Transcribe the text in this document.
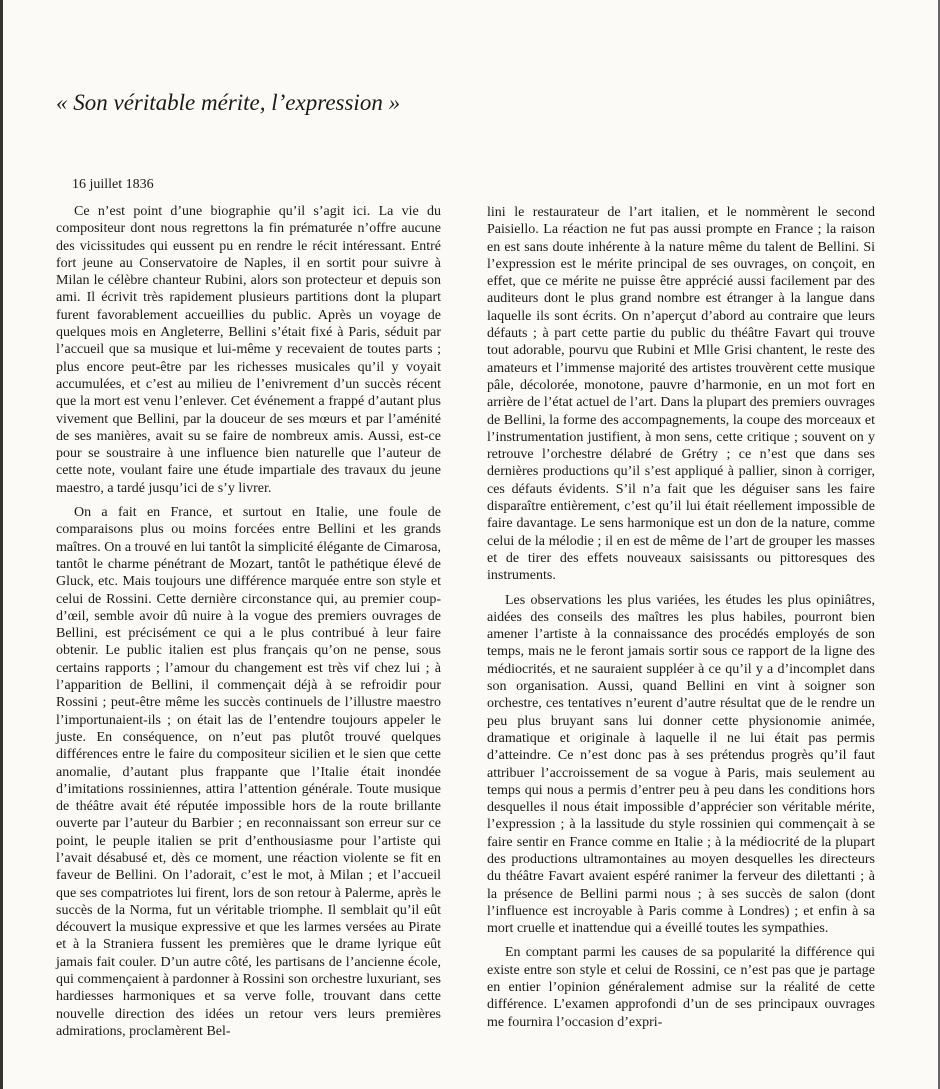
« Son véritable mérite, l’expression »
16 juillet 1836

Ce n’est point d’une biographie qu’il s’agit ici. La vie du compositeur dont nous regrettons la fin prématurée n’offre aucune des vicissitudes qui eussent pu en rendre le récit intéressant. Entré fort jeune au Conservatoire de Naples, il en sortit pour suivre à Milan le célèbre chanteur Rubini, alors son protecteur et depuis son ami. Il écrivit très rapidement plusieurs partitions dont la plupart furent favorablement accueillies du public. Après un voyage de quelques mois en Angleterre, Bellini s’était fixé à Paris, séduit par l’accueil que sa musique et lui-même y recevaient de toutes parts ; plus encore peut-être par les richesses musicales qu’il y voyait accumulées, et c’est au milieu de l’enivrement d’un succès récent que la mort est venu l’enlever. Cet événement a frappé d’autant plus vivement que Bellini, par la douceur de ses mœurs et par l’aménité de ses manières, avait su se faire de nombreux amis. Aussi, est-ce pour se soustraire à une influence bien naturelle que l’auteur de cette note, voulant faire une étude impartiale des travaux du jeune maestro, a tardé jusqu’ici de s’y livrer.

On a fait en France, et surtout en Italie, une foule de comparaisons plus ou moins forcées entre Bellini et les grands maîtres. On a trouvé en lui tantôt la simplicité élégante de Cimarosa, tantôt le charme pénétrant de Mozart, tantôt le pathétique élevé de Gluck, etc. Mais toujours une différence marquée entre son style et celui de Rossini. Cette dernière circonstance qui, au premier coup-d’œil, semble avoir dû nuire à la vogue des premiers ouvrages de Bellini, est précisément ce qui a le plus contribué à leur faire obtenir. Le public italien est plus français qu’on ne pense, sous certains rapports ; l’amour du changement est très vif chez lui ; à l’apparition de Bellini, il commençait déjà à se refroidir pour Rossini ; peut-être même les succès continuels de l’illustre maestro l’importunaient-ils ; on était las de l’entendre toujours appeler le juste. En conséquence, on n’eut pas plutôt trouvé quelques différences entre le faire du compositeur sicilien et le sien que cette anomalie, d’autant plus frappante que l’Italie était inondée d’imitations rossiniennes, attira l’attention générale. Toute musique de théâtre avait été réputée impossible hors de la route brillante ouverte par l’auteur du Barbier ; en reconnaissant son erreur sur ce point, le peuple italien se prit d’enthousiasme pour l’artiste qui l’avait désabusé et, dès ce moment, une réaction violente se fit en faveur de Bellini. On l’adorait, c’est le mot, à Milan ; et l’accueil que ses compatriotes lui firent, lors de son retour à Palerme, après le succès de la Norma, fut un véritable triomphe. Il semblait qu’il eût découvert la musique expressive et que les larmes versées au Pirate et à la Straniera fussent les premières que le drame lyrique eût jamais fait couler. D’un autre côté, les partisans de l’ancienne école, qui commençaient à pardonner à Rossini son orchestre luxuriant, ses hardiesses harmoniques et sa verve folle, trouvant dans cette nouvelle direction des idées un retour vers leurs premières admirations, proclamèrent Bel-

lini le restaurateur de l’art italien, et le nommèrent le second Paisiello. La réaction ne fut pas aussi prompte en France ; la raison en est sans doute inhérente à la nature même du talent de Bellini. Si l’expression est le mérite principal de ses ouvrages, on conçoit, en effet, que ce mérite ne puisse être apprécié aussi facilement par des auditeurs dont le plus grand nombre est étranger à la langue dans laquelle ils sont écrits. On n’aperçut d’abord au contraire que leurs défauts ; à part cette partie du public du théâtre Favart qui trouve tout adorable, pourvu que Rubini et Mlle Grisi chantent, le reste des amateurs et l’immense majorité des artistes trouvèrent cette musique pâle, décolorée, monotone, pauvre d’harmonie, en un mot fort en arrière de l’état actuel de l’art. Dans la plupart des premiers ouvrages de Bellini, la forme des accompagnements, la coupe des morceaux et l’instrumentation justifient, à mon sens, cette critique ; souvent on y retrouve l’orchestre délabré de Grétry ; ce n’est que dans ses dernières productions qu’il s’est appliqué à pallier, sinon à corriger, ces défauts évidents. S’il n’a fait que les déguiser sans les faire disparaître entièrement, c’est qu’il lui était réellement impossible de faire davantage. Le sens harmonique est un don de la nature, comme celui de la mélodie ; il en est de même de l’art de grouper les masses et de tirer des effets nouveaux saisissants ou pittoresques des instruments.

Les observations les plus variées, les études les plus opiniâtres, aidées des conseils des maîtres les plus habiles, pourront bien amener l’artiste à la connaissance des procédés employés de son temps, mais ne le feront jamais sortir sous ce rapport de la ligne des médiocrités, et ne sauraient suppléer à ce qu’il y a d’incomplet dans son organisation. Aussi, quand Bellini en vint à soigner son orchestre, ces tentatives n’eurent d’autre résultat que de le rendre un peu plus bruyant sans lui donner cette physionomie animée, dramatique et originale à laquelle il ne lui était pas permis d’atteindre. Ce n’est donc pas à ses prétendus progrès qu’il faut attribuer l’accroissement de sa vogue à Paris, mais seulement au temps qui nous a permis d’entrer peu à peu dans les conditions hors desquelles il nous était impossible d’apprécier son véritable mérite, l’expression ; à la lassitude du style rossinien qui commençait à se faire sentir en France comme en Italie ; à la médiocrité de la plupart des productions ultramontaines au moyen desquelles les directeurs du théâtre Favart avaient espéré ranimer la ferveur des dilettanti ; à la présence de Bellini parmi nous ; à ses succès de salon (dont l’influence est incroyable à Paris comme à Londres) ; et enfin à sa mort cruelle et inattendue qui a éveillé toutes les sympathies.

En comptant parmi les causes de sa popularité la différence qui existe entre son style et celui de Rossini, ce n’est pas que je partage en entier l’opinion généralement admise sur la réalité de cette différence. L’examen approfondi d’un de ses principaux ouvrages me fournira l’occasion d’expri-
